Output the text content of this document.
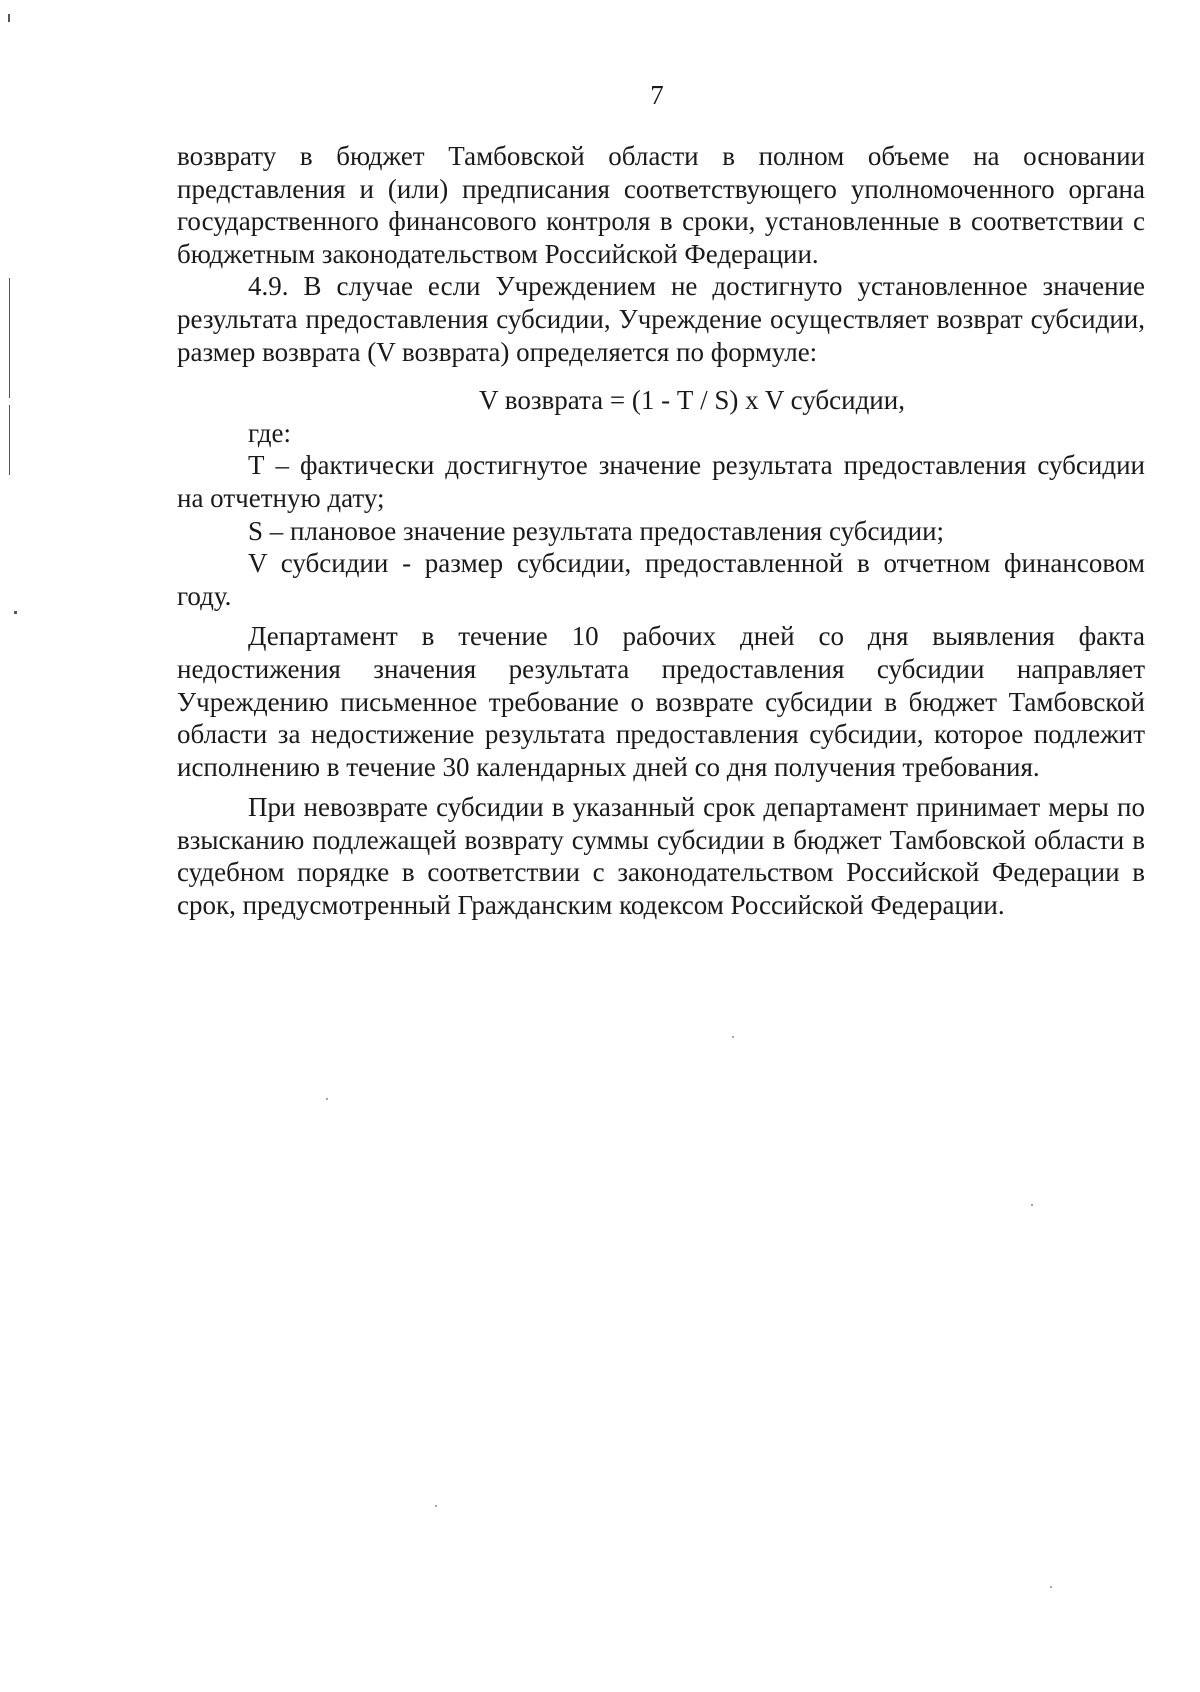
7

возврату в бюджет Тамбовской области в полном объеме на основании представления и (или) предписания соответствующего уполномоченного органа государственного финансового контроля в сроки, установленные в соответствии с бюджетным законодательством Российской Федерации.

4.9. В случае если Учреждением не достигнуто установленное значение результата предоставления субсидии, Учреждение осуществляет возврат субсидии, размер возврата (V возврата) определяется по формуле:

V возврата = (1 - Т / S) x V субсидии,

где:

Т – фактически достигнутое значение результата предоставления субсидии на отчетную дату;

S – плановое значение результата предоставления субсидии;

V субсидии - размер субсидии, предоставленной в отчетном финансовом году.

Департамент в течение 10 рабочих дней со дня выявления факта недостижения значения результата предоставления субсидии направляет Учреждению письменное требование о возврате субсидии в бюджет Тамбовской области за недостижение результата предоставления субсидии, которое подлежит исполнению в течение 30 календарных дней со дня получения требования.

При невозврате субсидии в указанный срок департамент принимает меры по взысканию подлежащей возврату суммы субсидии в бюджет Тамбовской области в судебном порядке в соответствии с законодательством Российской Федерации в срок, предусмотренный Гражданским кодексом Российской Федерации.
